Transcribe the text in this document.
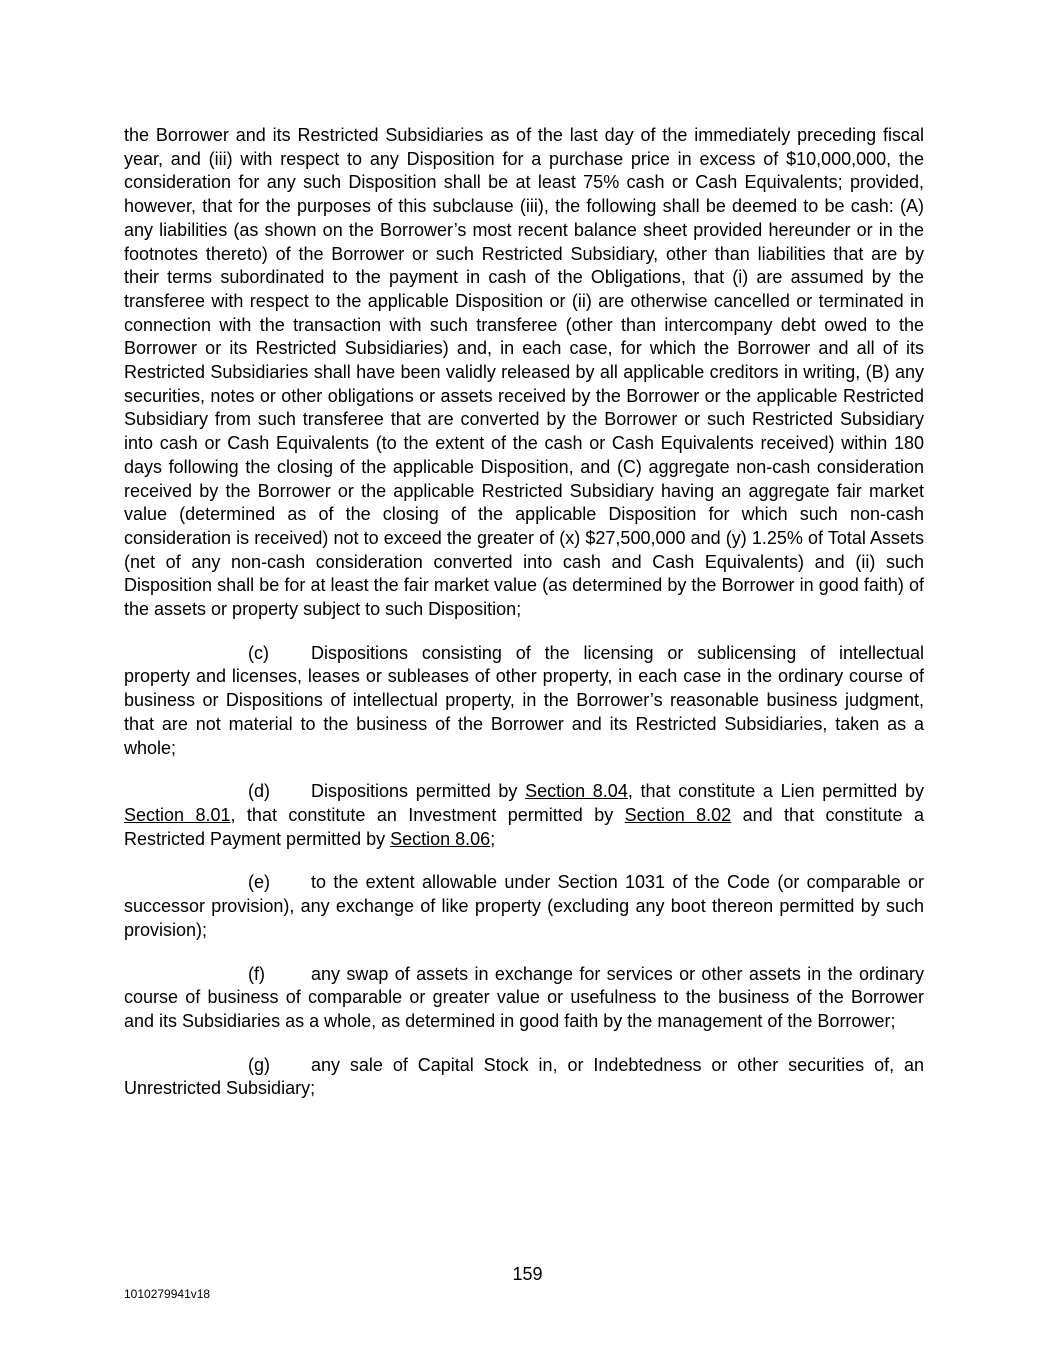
the Borrower and its Restricted Subsidiaries as of the last day of the immediately preceding fiscal year, and (iii) with respect to any Disposition for a purchase price in excess of $10,000,000, the consideration for any such Disposition shall be at least 75% cash or Cash Equivalents; provided, however, that for the purposes of this subclause (iii), the following shall be deemed to be cash: (A) any liabilities (as shown on the Borrower’s most recent balance sheet provided hereunder or in the footnotes thereto) of the Borrower or such Restricted Subsidiary, other than liabilities that are by their terms subordinated to the payment in cash of the Obligations, that (i) are assumed by the transferee with respect to the applicable Disposition or (ii) are otherwise cancelled or terminated in connection with the transaction with such transferee (other than intercompany debt owed to the Borrower or its Restricted Subsidiaries) and, in each case, for which the Borrower and all of its Restricted Subsidiaries shall have been validly released by all applicable creditors in writing, (B) any securities, notes or other obligations or assets received by the Borrower or the applicable Restricted Subsidiary from such transferee that are converted by the Borrower or such Restricted Subsidiary into cash or Cash Equivalents (to the extent of the cash or Cash Equivalents received) within 180 days following the closing of the applicable Disposition, and (C) aggregate non-cash consideration received by the Borrower or the applicable Restricted Subsidiary having an aggregate fair market value (determined as of the closing of the applicable Disposition for which such non-cash consideration is received) not to exceed the greater of (x) $27,500,000 and (y) 1.25% of Total Assets (net of any non-cash consideration converted into cash and Cash Equivalents) and (ii) such Disposition shall be for at least the fair market value (as determined by the Borrower in good faith) of the assets or property subject to such Disposition;

(c) Dispositions consisting of the licensing or sublicensing of intellectual property and licenses, leases or subleases of other property, in each case in the ordinary course of business or Dispositions of intellectual property, in the Borrower’s reasonable business judgment, that are not material to the business of the Borrower and its Restricted Subsidiaries, taken as a whole;

(d) Dispositions permitted by Section 8.04, that constitute a Lien permitted by Section 8.01, that constitute an Investment permitted by Section 8.02 and that constitute a Restricted Payment permitted by Section 8.06;

(e) to the extent allowable under Section 1031 of the Code (or comparable or successor provision), any exchange of like property (excluding any boot thereon permitted by such provision);

(f)	any swap of assets in exchange for services or other assets in the ordinary course of business of comparable or greater value or usefulness to the business of the Borrower and its Subsidiaries as a whole, as determined in good faith by the management of the Borrower;

(g) any sale of Capital Stock in, or Indebtedness or other securities of, an Unrestricted Subsidiary;

159
1010279941v18
